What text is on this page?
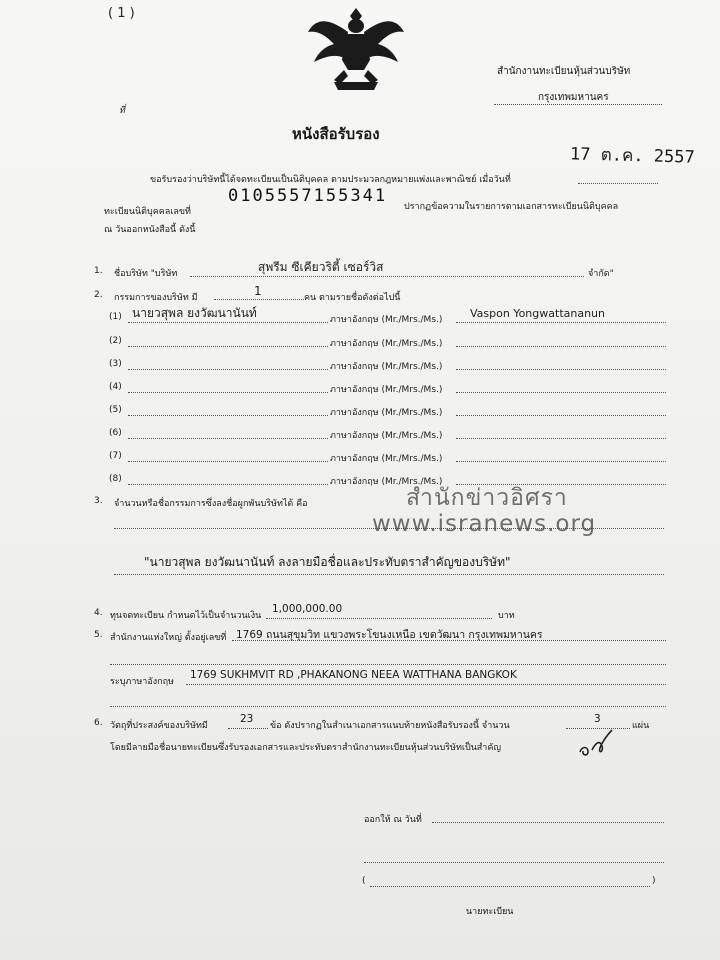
( 1 )
สำนักงานทะเบียนหุ้นส่วนบริษัท
กรุงเทพมหานคร
ที่
หนังสือรับรอง
17 ต.ค. 2557
ขอรับรองว่าบริษัทนี้ได้จดทะเบียนเป็นนิติบุคคล ตามประมวลกฎหมายแพ่งและพาณิชย์ เมื่อวันที่
ทะเบียนนิติบุคคลเลขที่
0105557155341
ปรากฏข้อความในรายการตามเอกสารทะเบียนนิติบุคคล
ณ วันออกหนังสือนี้ ดังนี้
1. ชื่อบริษัท "บริษัท	สุพรีม ซีเคียวริตี้ เซอร์วิส	จำกัด"
2. กรรมการของบริษัท มี	1	คน ตามรายชื่อดังต่อไปนี้
(1) นายวสุพล ยงวัฒนานันท์	ภาษาอังกฤษ (Mr./Mrs./Ms.)	Vaspon Yongwattananun
(2)	ภาษาอังกฤษ (Mr./Mrs./Ms.)
(3)	ภาษาอังกฤษ (Mr./Mrs./Ms.)
(4)	ภาษาอังกฤษ (Mr./Mrs./Ms.)
(5)	ภาษาอังกฤษ (Mr./Mrs./Ms.)
(6)	ภาษาอังกฤษ (Mr./Mrs./Ms.)
(7)	ภาษาอังกฤษ (Mr./Mrs./Ms.)
(8)	ภาษาอังกฤษ (Mr./Mrs./Ms.)
3. จำนวนหรือชื่อกรรมการซึ่งลงชื่อผูกพันบริษัทได้ คือ
"นายวสุพล ยงวัฒนานันท์ ลงลายมือชื่อและประทับตราสำคัญของบริษัท"
สำนักข่าวอิศรา
www.isranews.org
4. ทุนจดทะเบียน กำหนดไว้เป็นจำนวนเงิน
1,000,000.00
บาท
5. สำนักงานแห่งใหญ่ ตั้งอยู่เลขที่ 1769 ถนนสุขุมวิท แขวงพระโขนงเหนือ เขตวัฒนา กรุงเทพมหานคร
ระบุภาษาอังกฤษ
1769 SUKHMVIT RD ,PHAKANONG NEEA WATTHANA BANGKOK
6. วัตถุที่ประสงค์ของบริษัทมี
23
ข้อ ดังปรากฏในสำเนาเอกสารแนบท้ายหนังสือรับรองนี้ จำนวน
3
แผ่น
โดยมีลายมือชื่อนายทะเบียนซึ่งรับรองเอกสารและประทับตราสำนักงานทะเบียนหุ้นส่วนบริษัทเป็นสำคัญ
ออกให้ ณ วันที่
(	)
นายทะเบียน
